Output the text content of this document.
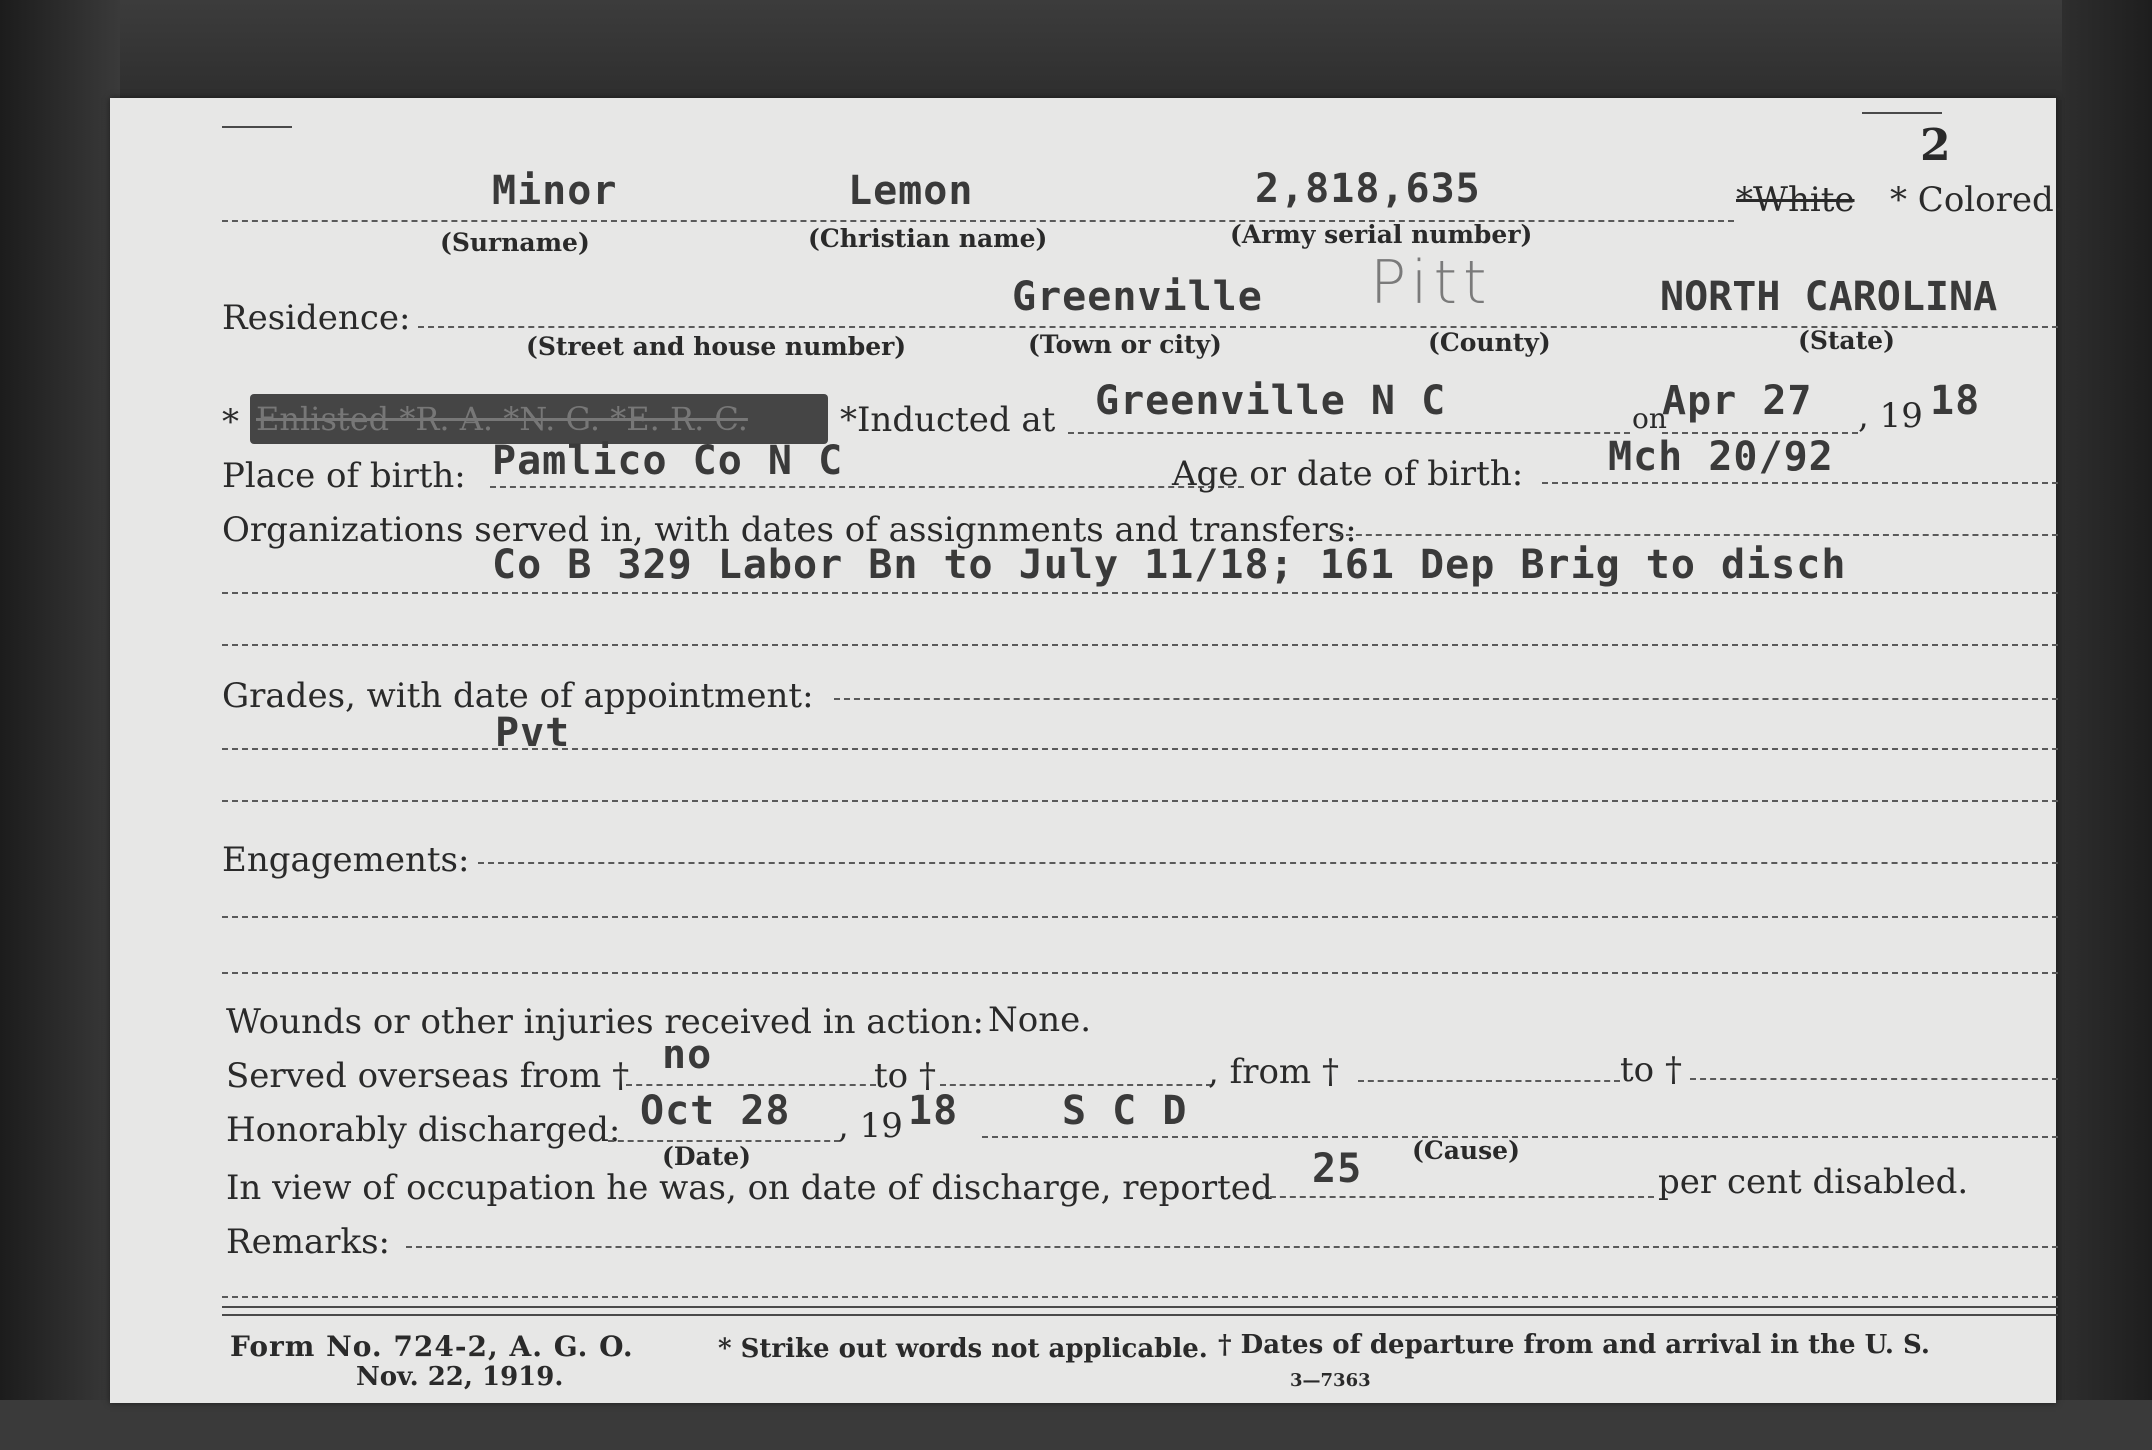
2
Minor	Lemon	2,818,635	*White * Colored.
(Surname)	(Christian name)	(Army serial number)
Residence:	Greenville Pitt	NORTH CAROLINA
(Street and house number)	(Town or city)	(County)	(State)
* Enlisted *R. A. *N. G. *E. R. C.	*Inducted at Greenville N C	on
Apr 27 , 19 18
Place of birth: Pamlico Co N C	Age or date of birth: Mch 20/92
Organizations served in, with dates of assignments and transfers:
Co B 329 Labor Bn to July 11/18; 161 Dep Brig to disch
Grades, with date of appointment:
Pvt
Engagements:
Wounds or other injuries received in action: None.
Served overseas from † no	to †	, from †	to †
Honorably discharged: Oct 28 , 19 18	S C D
(Date)	(Cause)
In view of occupation he was, on date of discharge, reported 25	per cent disabled.
Remarks:
Form No. 724-2, A. G. O.
Nov. 22, 1919.
* Strike out words not applicable. † Dates of departure from and arrival in the U. S.
3—7363
